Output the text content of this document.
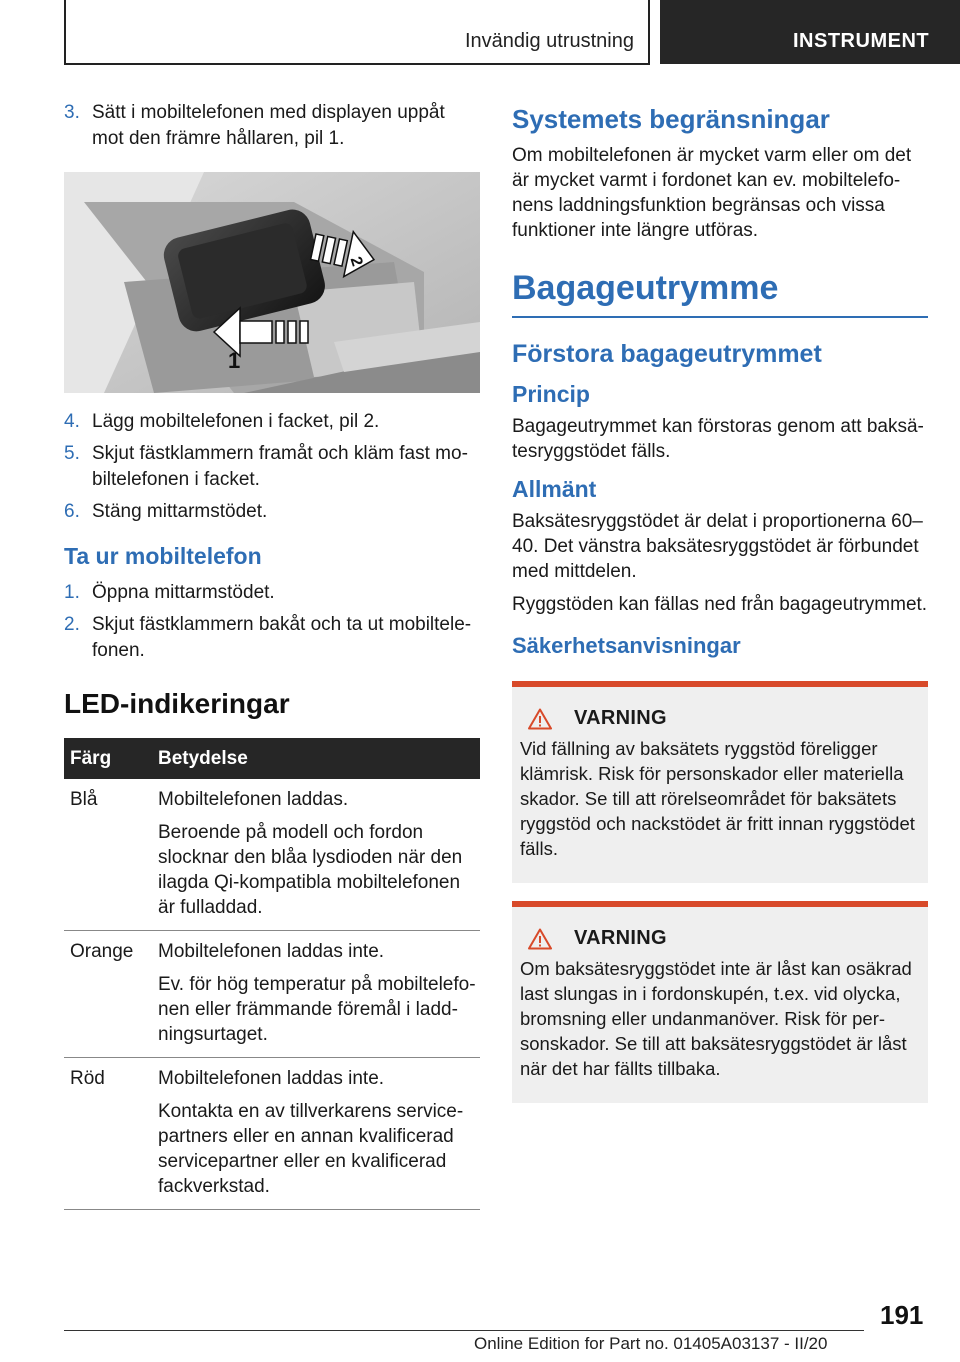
Invändig utrustning	INSTRUMENT
3. Sätt i mobiltelefonen med displayen uppåt mot den främre hållaren, pil 1.
2
1
4. Lägg mobiltelefonen i facket, pil 2.
5. Skjut fästklammern framåt och kläm fast mobiltelefonen i facket.
6. Stäng mittarmstödet.
Ta ur mobiltelefon
1. Öppna mittarmstödet.
2. Skjut fästklammern bakåt och ta ut mobiltelefonen.
LED-indikeringar
Färg	Betydelse
Blå	Mobiltelefonen laddas.

Beroende på modell och fordon slocknar den blåa lysdioden när den ilagda Qi-kompatibla mobiltelefonen är fulladdad.

Orange	Mobiltelefonen laddas inte.

Ev. för hög temperatur på mobiltelefonen eller främmande föremål i laddningsurtaget.

Röd	Mobiltelefonen laddas inte.

Kontakta en av tillverkarens servicepartners eller en annan kvalificerad servicepartner eller en kvalificerad fackverkstad.

Systemets begränsningar

Om mobiltelefonen är mycket varm eller om det är mycket varmt i fordonet kan ev. mobiltelefonens laddningsfunktion begränsas och vissa funktioner inte längre utföras.

Bagageutrymme
Förstora bagageutrymmet
Princip

Bagageutrymmet kan förstoras genom att baksätesryggstödet fälls.

Allmänt

Baksätesryggstödet är delat i proportionerna 60–40. Det vänstra baksätesryggstödet är förbundet med mittdelen.

Ryggstöden kan fällas ned från bagageutrymmet.

Säkerhetsanvisningar
VARNING

Vid fällning av baksätets ryggstöd föreligger klämrisk. Risk för personskador eller materiella skador. Se till att rörelseområdet för baksätets ryggstöd och nackstödet är fritt innan ryggstödet fälls.

VARNING

Om baksätesryggstödet inte är låst kan osäkrad last slungas in i fordonskupén, t.ex. vid olycka, bromsning eller undanmanöver. Risk för personskador. Se till att baksätesryggstödet är låst när det har fällts tillbaka.

191
Online Edition for Part no. 01405A03137 - II/20
